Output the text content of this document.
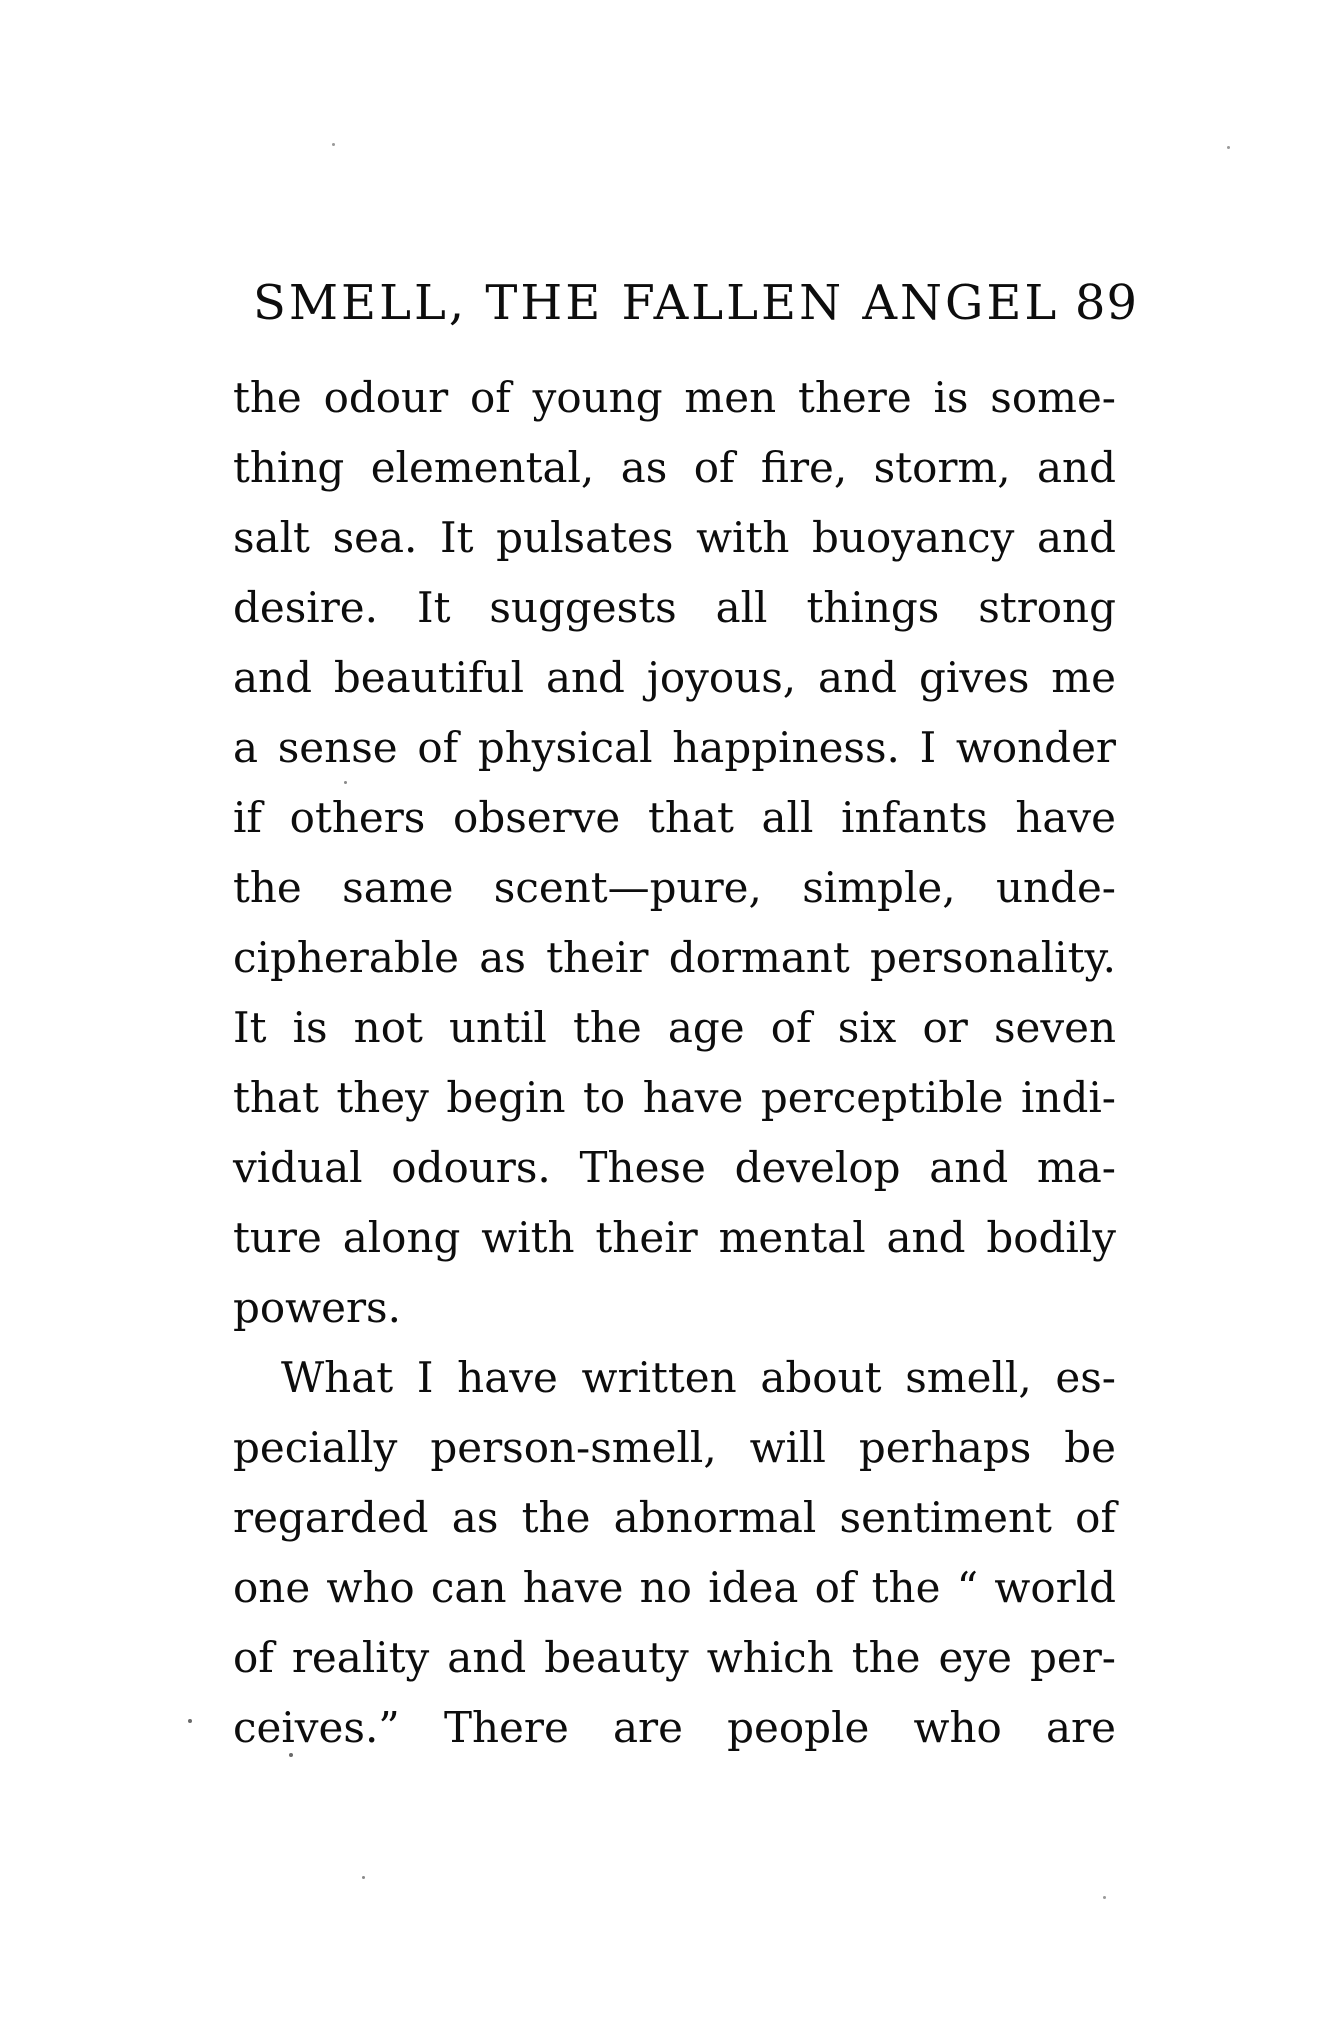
SMELL, THE FALLEN ANGEL 89
the odour of young men there is some-
thing elemental, as of fire, storm, and
salt sea. It pulsates with buoyancy and
desire. It suggests all things strong
and beautiful and joyous, and gives me
a sense of physical happiness. I wonder
if others observe that all infants have
the same scent—pure, simple, unde-
cipherable as their dormant personality.
It is not until the age of six or seven
that they begin to have perceptible indi-
vidual odours. These develop and ma-
ture along with their mental and bodily
powers.
What I have written about smell, es-
pecially person-smell, will perhaps be
regarded as the abnormal sentiment of
one who can have no idea of the “ world
of reality and beauty which the eye per-
ceives.” There are people who are
